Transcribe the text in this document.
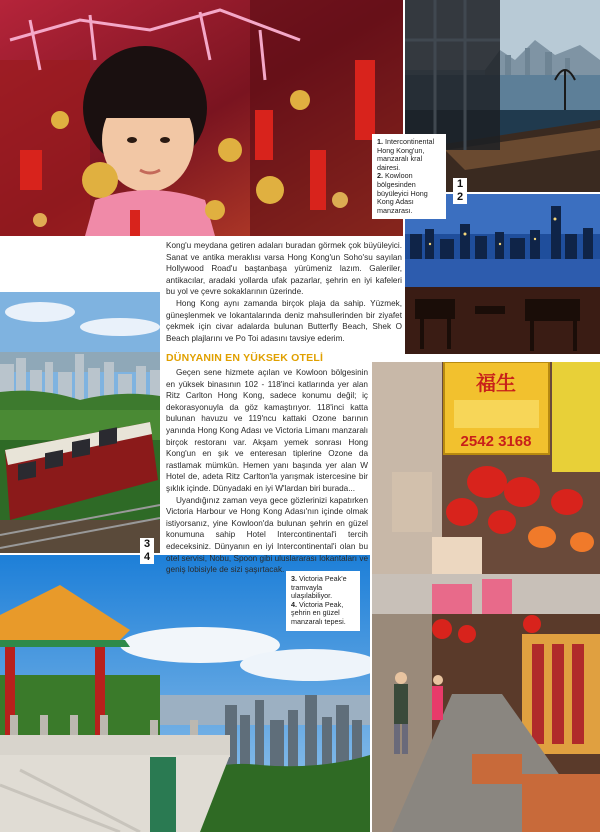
福生
2542 3168
1. Intercontinental Hong Kong'un, manzaralı kral dairesi.
2. Kowloon bölgesinden büyüleyici Hong Kong Adası manzarası.
1
2
3. Victoria Peak'e tramvayla ulaşılabiliyor.
4. Victoria Peak, şehrin en güzel manzaralı tepesi.
3
4

Kong'u meydana getiren adaları buradan görmek çok büyüleyici. Sanat ve antika meraklısı varsa Hong Kong'un Soho'su sayılan Hollywood Road'u baştanbaşa yürümeniz lazım. Galeriler, antikacılar, aradaki yollarda ufak pazarlar, şehrin en iyi kafeleri bu yol ve çevre sokaklarının üzerinde.

Hong Kong aynı zamanda birçok plaja da sahip. Yüzmek, güneşlenmek ve lokantalarında deniz mahsullerinden bir ziyafet çekmek için civar adalarda bulunan Butterfly Beach, Shek O Beach plajlarını ve Po Toi adasını tavsiye ederim.

DÜNYANIN EN YÜKSEK OTELİ

Geçen sene hizmete açılan ve Kowloon bölgesinin en yüksek binasının 102 - 118'inci katlarında yer alan Ritz Carlton Hong Kong, sadece konumu değil; iç dekorasyonuyla da göz kamaştırıyor. 118'inci katta bulunan havuzu ve 119'ncu kattaki Ozone barının yanında Hong Kong Adası ve Victoria Limanı manzaralı birçok restoranı var. Akşam yemek sonrası Hong Kong'un en şık ve enteresan tiplerine Ozone da rastlamak mümkün. Hemen yanı başında yer alan W Hotel de, adeta Ritz Carlton'la yarışmak istercesine bir şıklık içinde. Dünyadaki en iyi W'lardan biri burada...

Uyandığınız zaman veya gece gözlerinizi kapatırken Victoria Harbour ve Hong Kong Adası'nın içinde olmak istiyorsanız, yine Kowloon'da bulunan şehrin en güzel konumuna sahip Hotel Intercontinental'i tercih edeceksiniz. Dünyanın en iyi Intercontinental'i olan bu otel servisi, Nobu, Spoon gibi uluslararası lokantaları ve geniş lobisiyle de sizi şaşırtacak.
